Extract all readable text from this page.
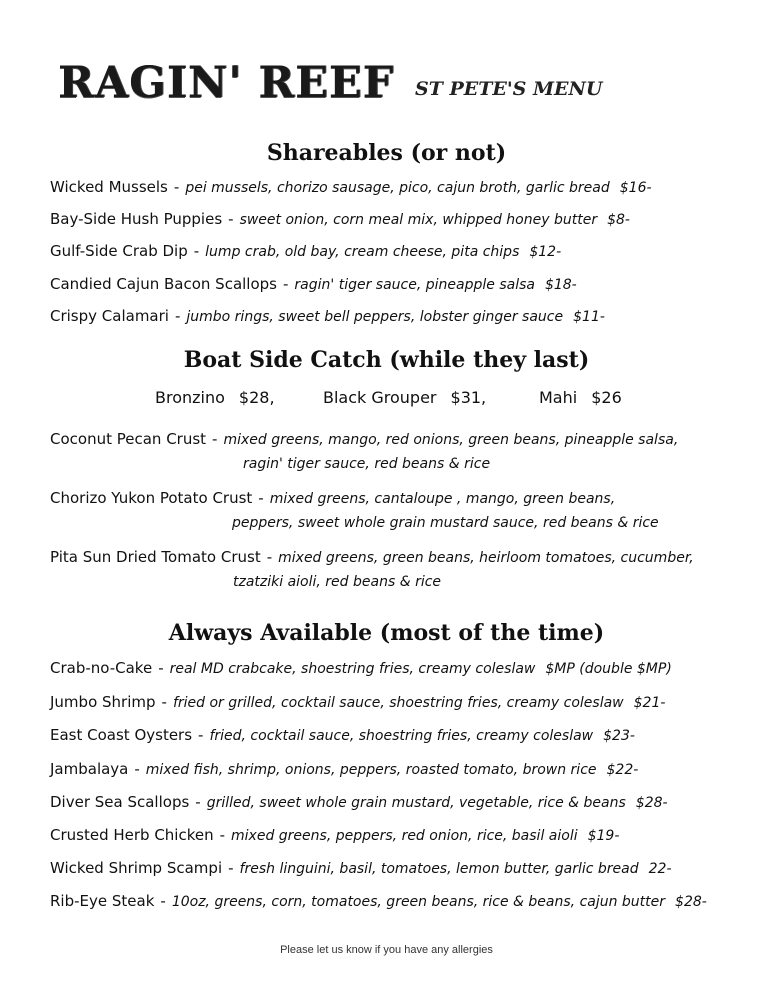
RAGIN' REEF ST PETE'S MENU
Shareables (or not)
Wicked Mussels - pei mussels, chorizo sausage, pico, cajun broth, garlic bread $16-
Bay-Side Hush Puppies - sweet onion, corn meal mix, whipped honey butter $8-
Gulf-Side Crab Dip - lump crab, old bay, cream cheese, pita chips $12-
Candied Cajun Bacon Scallops - ragin' tiger sauce, pineapple salsa $18-
Crispy Calamari - jumbo rings, sweet bell peppers, lobster ginger sauce $11-
Boat Side Catch (while they last)
Bronzino $28,	Black Grouper $31,	Mahi $26
Coconut Pecan Crust - mixed greens, mango, red onions, green beans, pineapple salsa,
ragin' tiger sauce, red beans & rice
Chorizo Yukon Potato Crust - mixed greens, cantaloupe , mango, green beans,
peppers, sweet whole grain mustard sauce, red beans & rice
Pita Sun Dried Tomato Crust - mixed greens, green beans, heirloom tomatoes, cucumber,
tzatziki aioli, red beans & rice
Always Available (most of the time)
Crab-no-Cake - real MD crabcake, shoestring fries, creamy coleslaw $MP (double $MP)
Jumbo Shrimp - fried or grilled, cocktail sauce, shoestring fries, creamy coleslaw $21-
East Coast Oysters - fried, cocktail sauce, shoestring fries, creamy coleslaw $23-
Jambalaya - mixed fish, shrimp, onions, peppers, roasted tomato, brown rice $22-
Diver Sea Scallops - grilled, sweet whole grain mustard, vegetable, rice & beans $28-
Crusted Herb Chicken - mixed greens, peppers, red onion, rice, basil aioli $19-
Wicked Shrimp Scampi - fresh linguini, basil, tomatoes, lemon butter, garlic bread 22-
Rib-Eye Steak - 10oz, greens, corn, tomatoes, green beans, rice & beans, cajun butter $28-
Please let us know if you have any allergies
